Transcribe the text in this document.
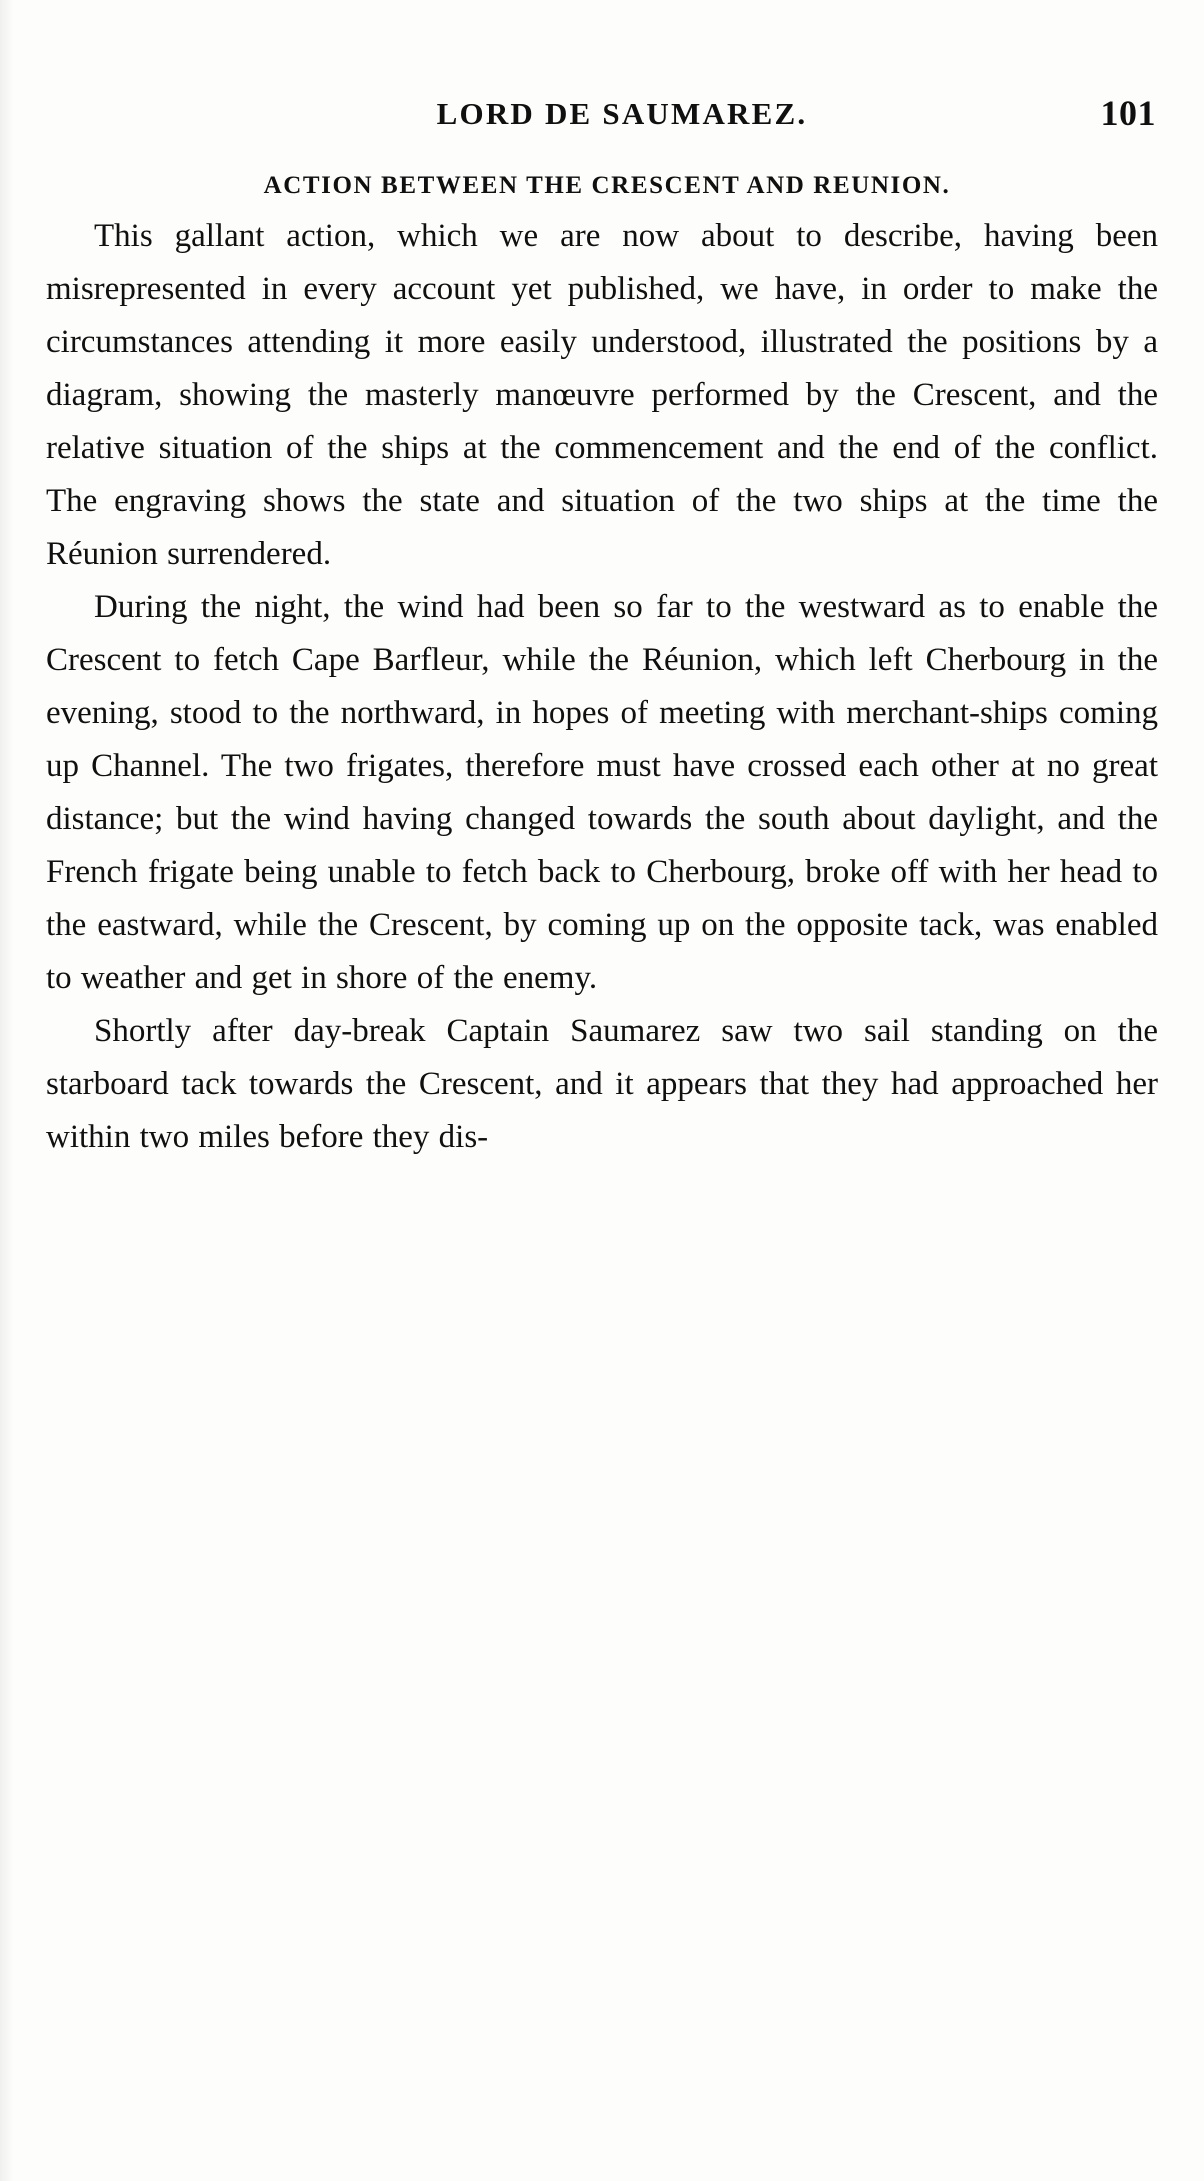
LORD DE SAUMAREZ.	101
ACTION BETWEEN THE CRESCENT AND REUNION.

This gallant action, which we are now about to describe, having been misrepresented in every account yet published, we have, in order to make the circumstances attending it more easily understood, illustrated the positions by a diagram, showing the masterly manœuvre performed by the Crescent, and the relative situation of the ships at the commencement and the end of the conflict. The engraving shows the state and situation of the two ships at the time the Réunion surrendered.

During the night, the wind had been so far to the westward as to enable the Crescent to fetch Cape Barfleur, while the Réunion, which left Cherbourg in the evening, stood to the northward, in hopes of meeting with merchant-ships coming up Channel. The two frigates, therefore must have crossed each other at no great distance; but the wind having changed towards the south about daylight, and the French frigate being unable to fetch back to Cherbourg, broke off with her head to the eastward, while the Crescent, by coming up on the opposite tack, was enabled to weather and get in shore of the enemy.

Shortly after day-break Captain Saumarez saw two sail standing on the starboard tack towards the Crescent, and it appears that they had approached her within two miles before they dis-
